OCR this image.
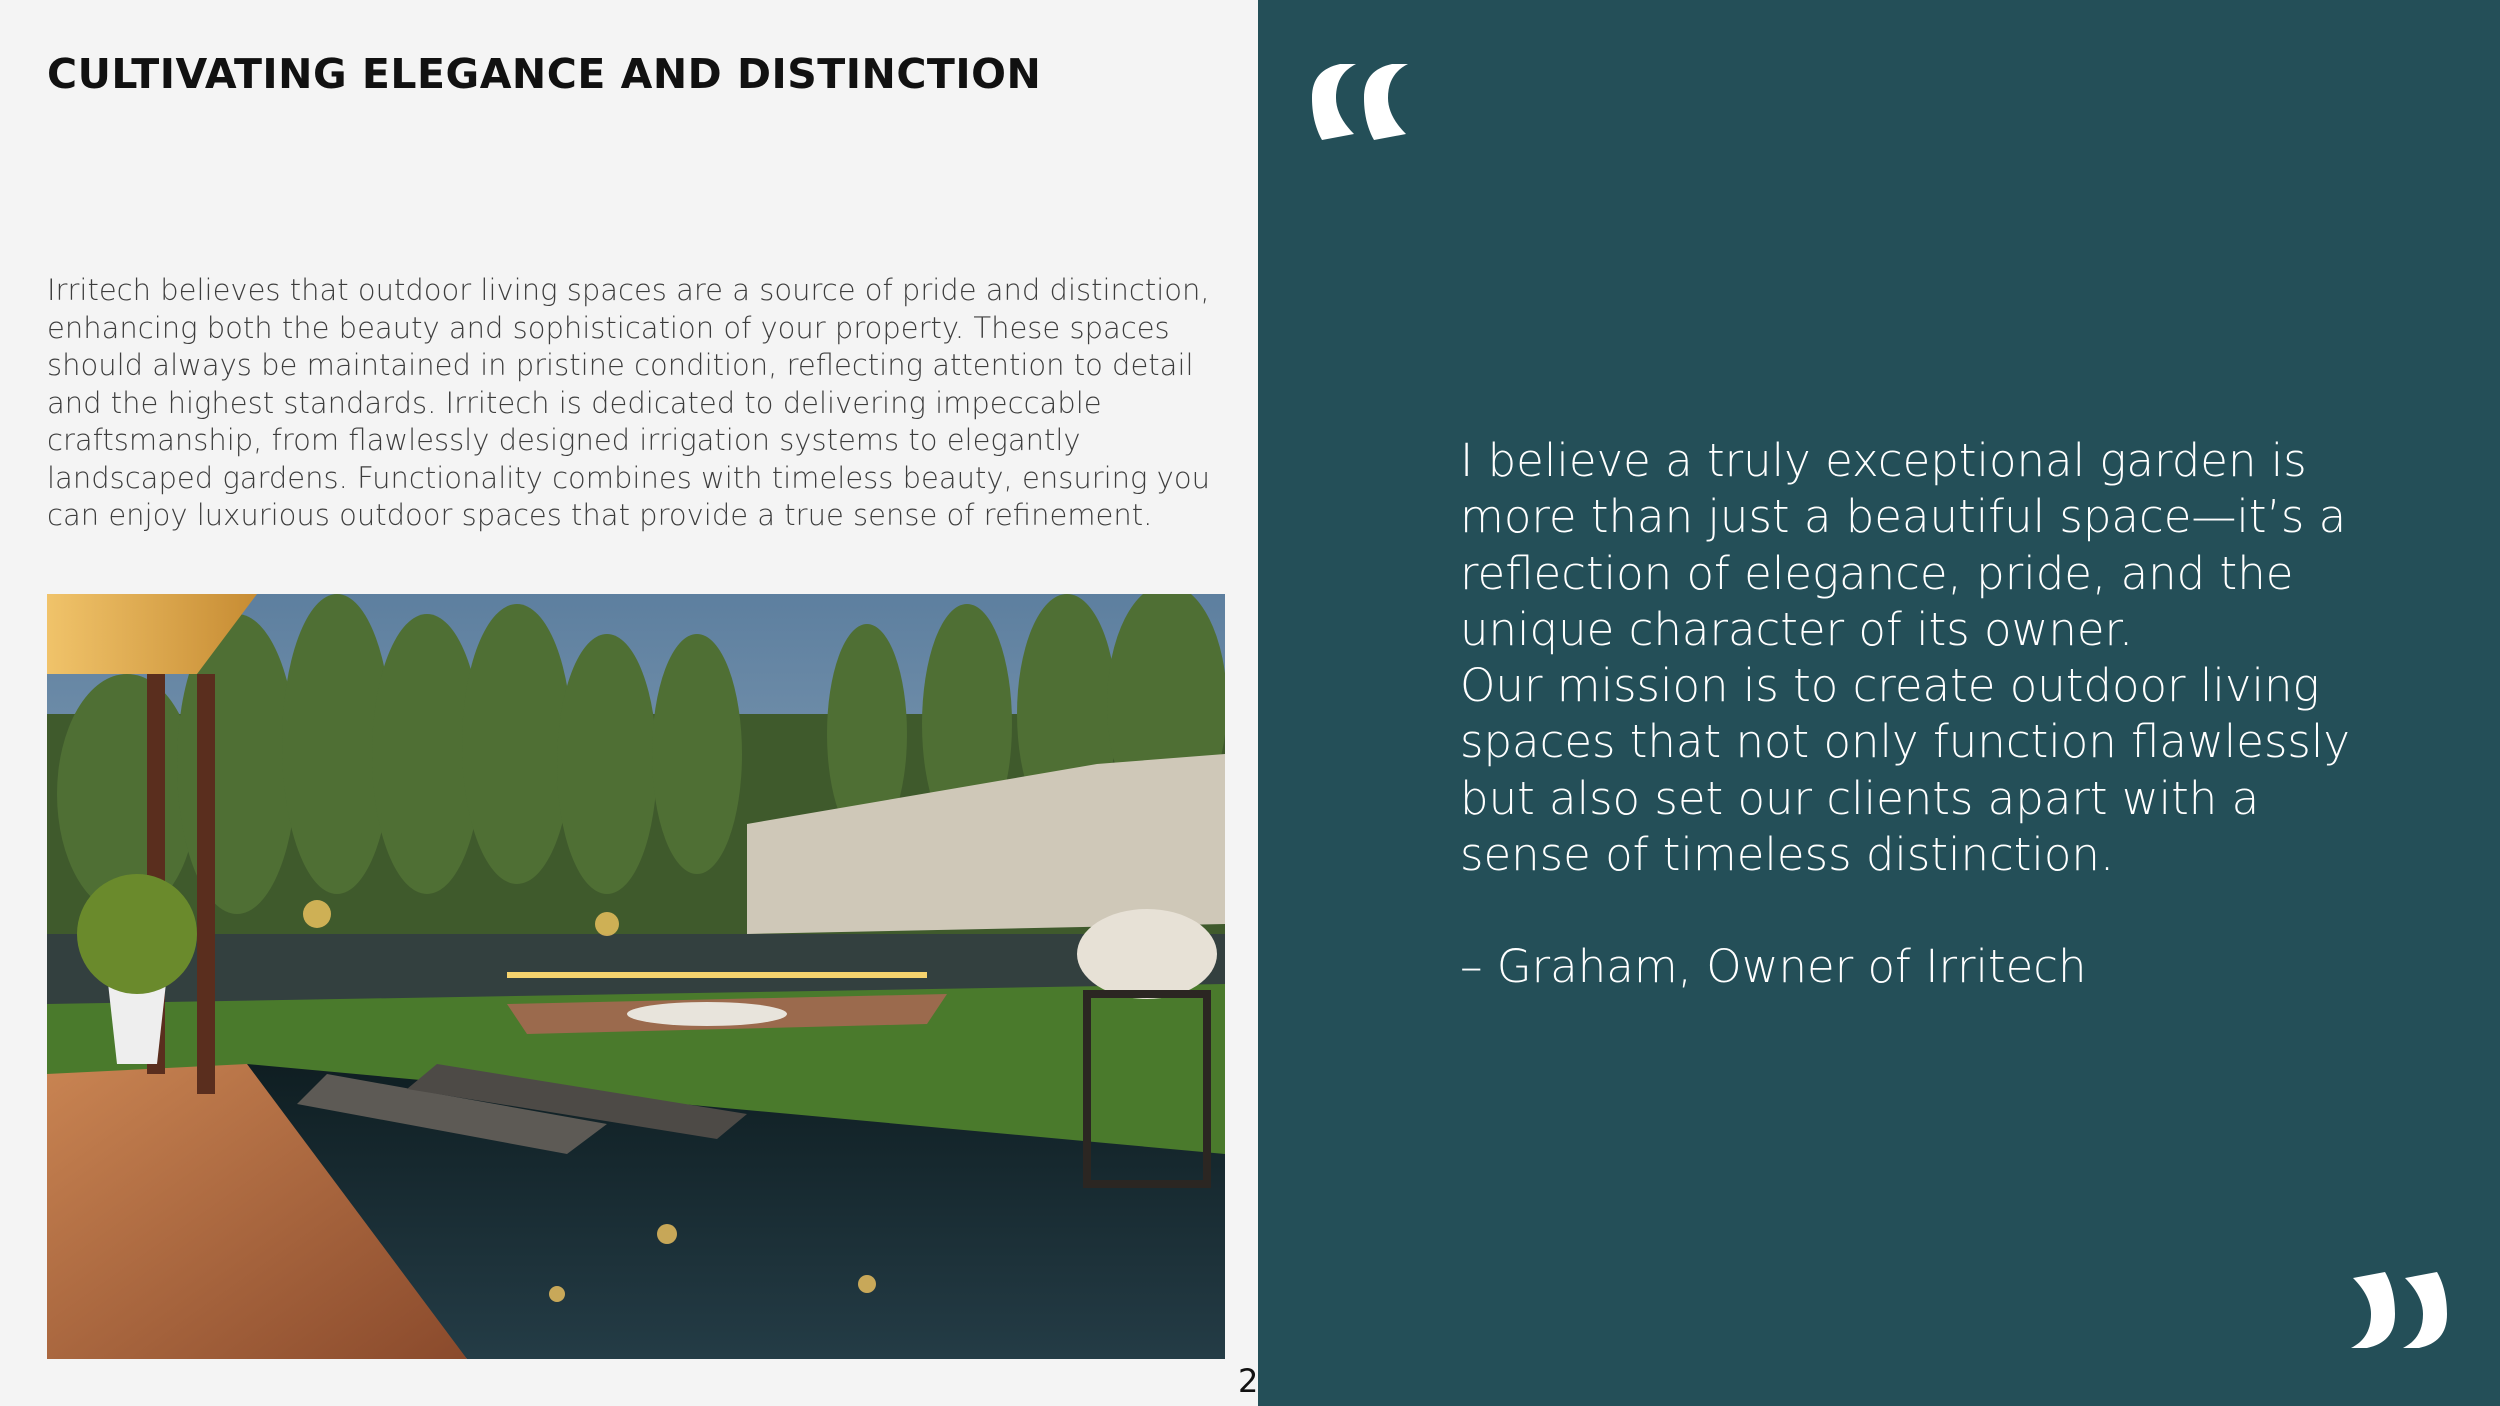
CULTIVATING ELEGANCE AND DISTINCTION

Irritech believes that outdoor living spaces are a source of pride and distinction, enhancing both the beauty and sophistication of your property. These spaces should always be maintained in pristine condition, reflecting attention to detail and the highest standards. Irritech is dedicated to delivering impeccable craftsmanship, from flawlessly designed irrigation systems to elegantly landscaped gardens. Functionality combines with timeless beauty, ensuring you can enjoy luxurious outdoor spaces that provide a true sense of refinement.

2

I believe a truly exceptional garden is more than just a beautiful space—it’s a reflection of elegance, pride, and the unique character of its owner.

Our mission is to create outdoor living spaces that not only function flawlessly but also set our clients apart with a sense of timeless distinction.

– Graham, Owner of Irritech
